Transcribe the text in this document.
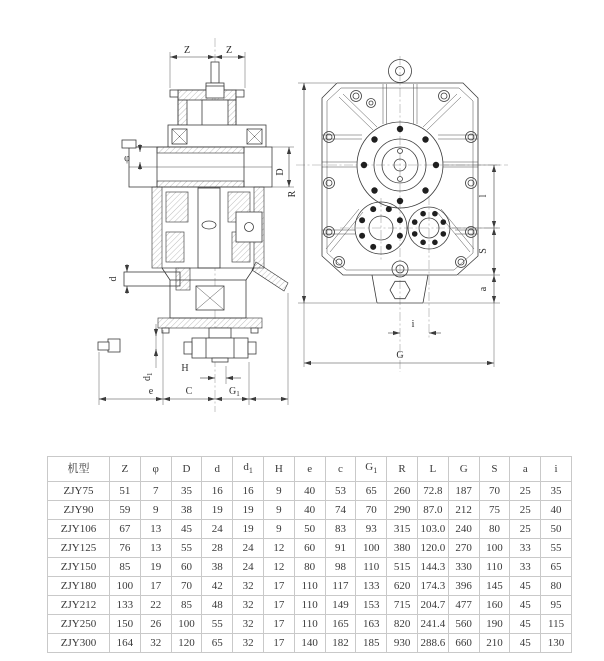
Z	Z
φ
D
d
$d_1$
H
e	C	$G_1$
R	l
S
a
i
G
机型	Z	φ	D	d	$d_1$	H	e	c	$G_1$	R	L	G	S	a	i
ZJY75	51	7	35	16	16	9	40	53	65	260	72.8	187	70	25	35
ZJY90	59	9	38	19	19	9	40	74	70	290	87.0	212	75	25	40
ZJY106	67	13	45	24	19	9	50	83	93	315	103.0	240	80	25	50
ZJY125	76	13	55	28	24	12	60	91	100	380	120.0	270	100	33	55
ZJY150	85	19	60	38	24	12	80	98	110	515	144.3	330	110	33	65
ZJY180	100	17	70	42	32	17	110	117	133	620	174.3	396	145	45	80
ZJY212	133	22	85	48	32	17	110	149	153	715	204.7	477	160	45	95
ZJY250	150	26	100	55	32	17	110	165	163	820	241.4	560	190	45	115
ZJY300	164	32	120	65	32	17	140	182	185	930	288.6	660	210	45	130
